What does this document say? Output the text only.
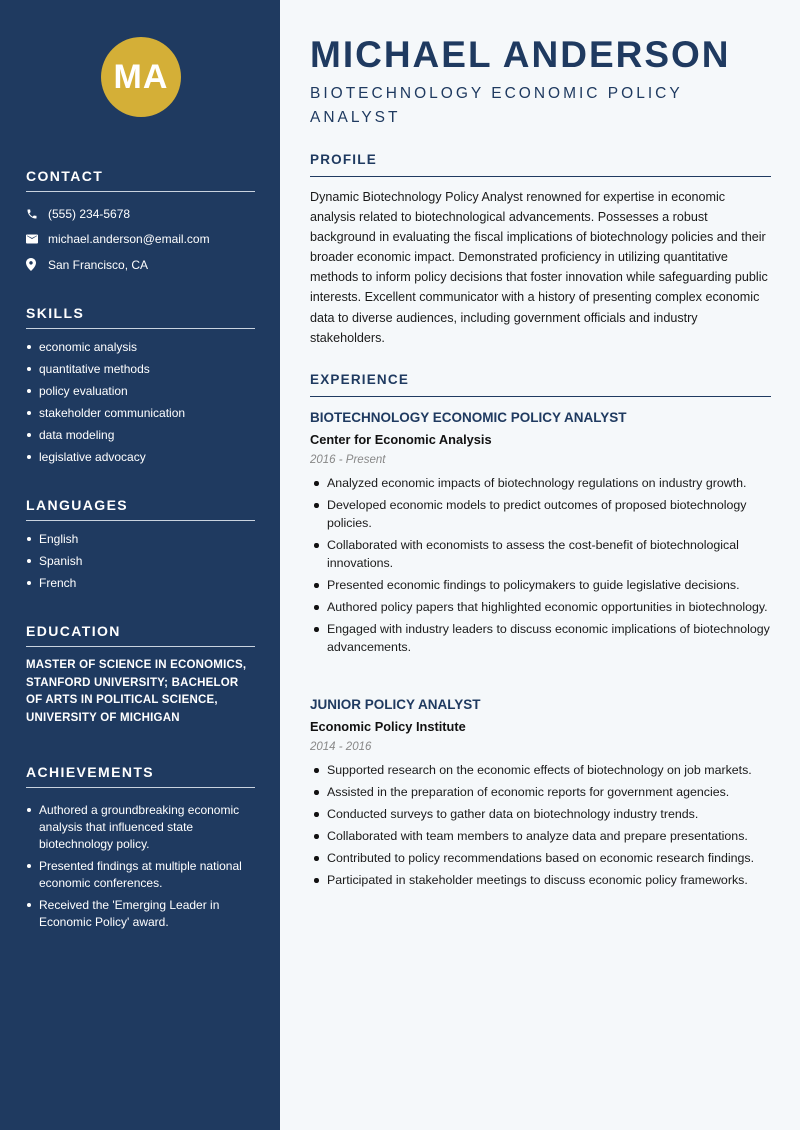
MA
CONTACT
(555) 234-5678
michael.anderson@email.com
San Francisco, CA
SKILLS
economic analysis
quantitative methods
policy evaluation
stakeholder communication
data modeling
legislative advocacy
LANGUAGES
English
Spanish
French
EDUCATION
MASTER OF SCIENCE IN ECONOMICS, STANFORD UNIVERSITY; BACHELOR OF ARTS IN POLITICAL SCIENCE, UNIVERSITY OF MICHIGAN
ACHIEVEMENTS
Authored a groundbreaking economic analysis that influenced state biotechnology policy.
Presented findings at multiple national economic conferences.
Received the 'Emerging Leader in Economic Policy' award.
MICHAEL ANDERSON
BIOTECHNOLOGY ECONOMIC POLICY ANALYST
PROFILE
Dynamic Biotechnology Policy Analyst renowned for expertise in economic analysis related to biotechnological advancements. Possesses a robust background in evaluating the fiscal implications of biotechnology policies and their broader economic impact. Demonstrated proficiency in utilizing quantitative methods to inform policy decisions that foster innovation while safeguarding public interests. Excellent communicator with a history of presenting complex economic data to diverse audiences, including government officials and industry stakeholders.
EXPERIENCE
BIOTECHNOLOGY ECONOMIC POLICY ANALYST
Center for Economic Analysis
2016 - Present
Analyzed economic impacts of biotechnology regulations on industry growth.
Developed economic models to predict outcomes of proposed biotechnology policies.
Collaborated with economists to assess the cost-benefit of biotechnological innovations.
Presented economic findings to policymakers to guide legislative decisions.
Authored policy papers that highlighted economic opportunities in biotechnology.
Engaged with industry leaders to discuss economic implications of biotechnology advancements.
JUNIOR POLICY ANALYST
Economic Policy Institute
2014 - 2016
Supported research on the economic effects of biotechnology on job markets.
Assisted in the preparation of economic reports for government agencies.
Conducted surveys to gather data on biotechnology industry trends.
Collaborated with team members to analyze data and prepare presentations.
Contributed to policy recommendations based on economic research findings.
Participated in stakeholder meetings to discuss economic policy frameworks.
